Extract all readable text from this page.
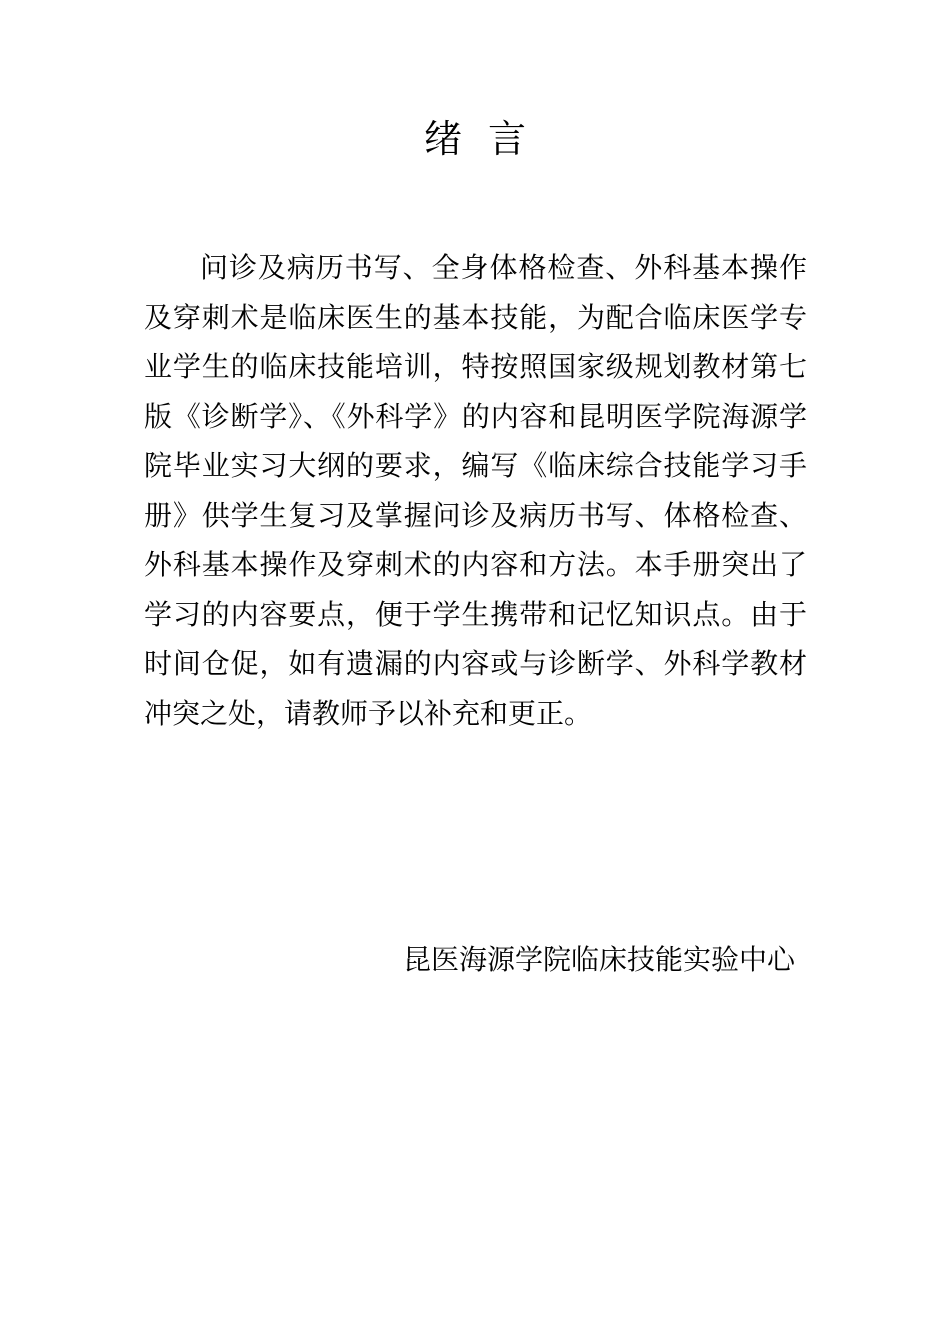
绪言

问诊及病历书写、全身体格检查、外科基本操作及穿刺术是临床医生的基本技能，为配合临床医学专业学生的临床技能培训，特按照国家级规划教材第七版《诊断学》、《外科学》的内容和昆明医学院海源学院毕业实习大纲的要求，编写《临床综合技能学习手册》供学生复习及掌握问诊及病历书写、体格检查、外科基本操作及穿刺术的内容和方法。本手册突出了学习的内容要点，便于学生携带和记忆知识点。由于时间仓促，如有遗漏的内容或与诊断学、外科学教材冲突之处，请教师予以补充和更正。

昆医海源学院临床技能实验中心
